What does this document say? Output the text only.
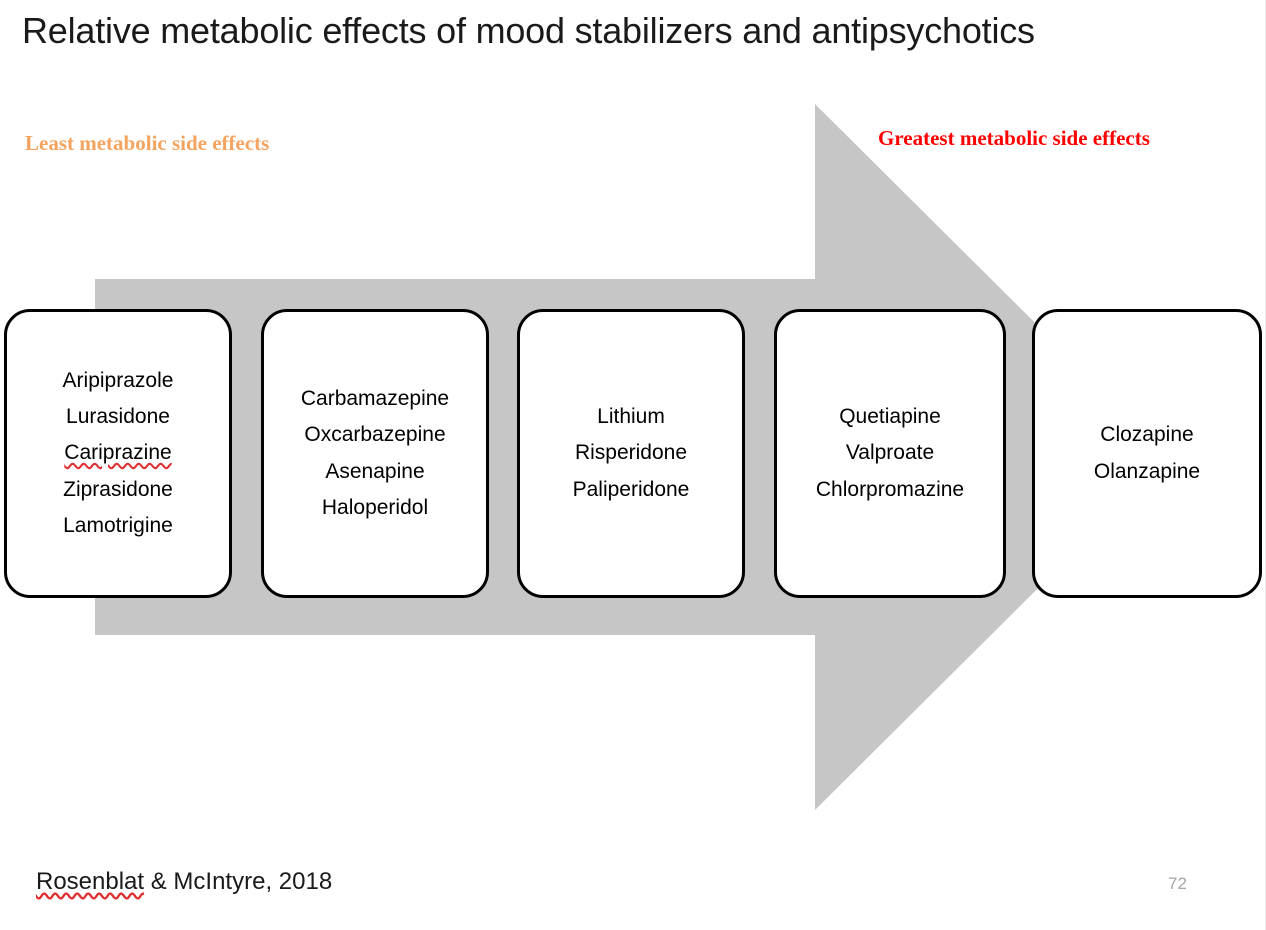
Relative metabolic effects of mood stabilizers and antipsychotics
Least metabolic side effects	Greatest metabolic side effects
Aripiprazole
Lurasidone
Cariprazine
Ziprasidone
Lamotrigine
Carbamazepine
Oxcarbazepine
Asenapine
Haloperidol
Lithium
Risperidone
Paliperidone
Quetiapine
Valproate
Chlorpromazine
Clozapine
Olanzapine
Rosenblat & McIntyre, 2018	72
